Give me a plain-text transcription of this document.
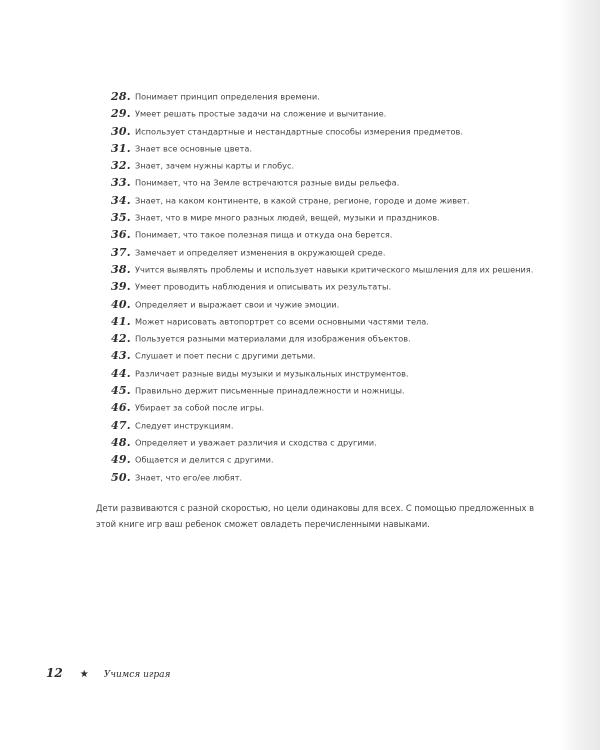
28. Понимает принцип определения времени.
29. Умеет решать простые задачи на сложение и вычитание.
30. Использует стандартные и нестандартные способы измерения предметов.
31. Знает все основные цвета.
32. Знает, зачем нужны карты и глобус.
33. Понимает, что на Земле встречаются разные виды рельефа.
34. Знает, на каком континенте, в какой стране, регионе, городе и доме живет.
35. Знает, что в мире много разных людей, вещей, музыки и праздников.
36. Понимает, что такое полезная пища и откуда она берется.
37. Замечает и определяет изменения в окружающей среде.
38. Учится выявлять проблемы и использует навыки критического мышления для их решения.
39. Умеет проводить наблюдения и описывать их результаты.
40. Определяет и выражает свои и чужие эмоции.
41. Может нарисовать автопортрет со всеми основными частями тела.
42. Пользуется разными материалами для изображения объектов.
43. Слушает и поет песни с другими детьми.
44. Различает разные виды музыки и музыкальных инструментов.
45. Правильно держит письменные принадлежности и ножницы.
46. Убирает за собой после игры.
47. Следует инструкциям.
48. Определяет и уважает различия и сходства с другими.
49. Общается и делится с другими.
50. Знает, что его/ее любят.

Дети развиваются с разной скоростью, но цели одинаковы для всех. С помощью предложенных в этой книге игр ваш ребенок сможет овладеть перечисленными навыками.

12 ★ Учимся играя
